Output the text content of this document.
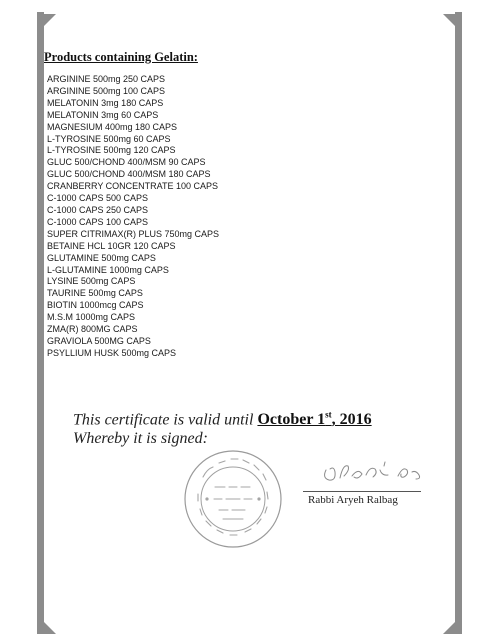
Products containing Gelatin:
ARGININE 500mg 250 CAPS
ARGININE 500mg 100 CAPS
MELATONIN 3mg 180 CAPS
MELATONIN 3mg 60 CAPS
MAGNESIUM 400mg 180 CAPS
L-TYROSINE 500mg 60 CAPS
L-TYROSINE 500mg 120 CAPS
GLUC 500/CHOND 400/MSM 90 CAPS
GLUC 500/CHOND 400/MSM 180 CAPS
CRANBERRY CONCENTRATE 100 CAPS
C-1000 CAPS 500 CAPS
C-1000 CAPS 250 CAPS
C-1000 CAPS 100 CAPS
SUPER CITRIMAX(R) PLUS 750mg CAPS
BETAINE HCL 10GR 120 CAPS
GLUTAMINE 500mg CAPS
L-GLUTAMINE 1000mg CAPS
LYSINE 500mg CAPS
TAURINE 500mg CAPS
BIOTIN 1000mcg CAPS
M.S.M 1000mg CAPS
ZMA(R) 800MG CAPS
GRAVIOLA 500MG CAPS
PSYLLIUM HUSK 500mg CAPS
This certificate is valid until October 1st, 2016
Whereby it is signed:
Rabbi Aryeh Ralbag
